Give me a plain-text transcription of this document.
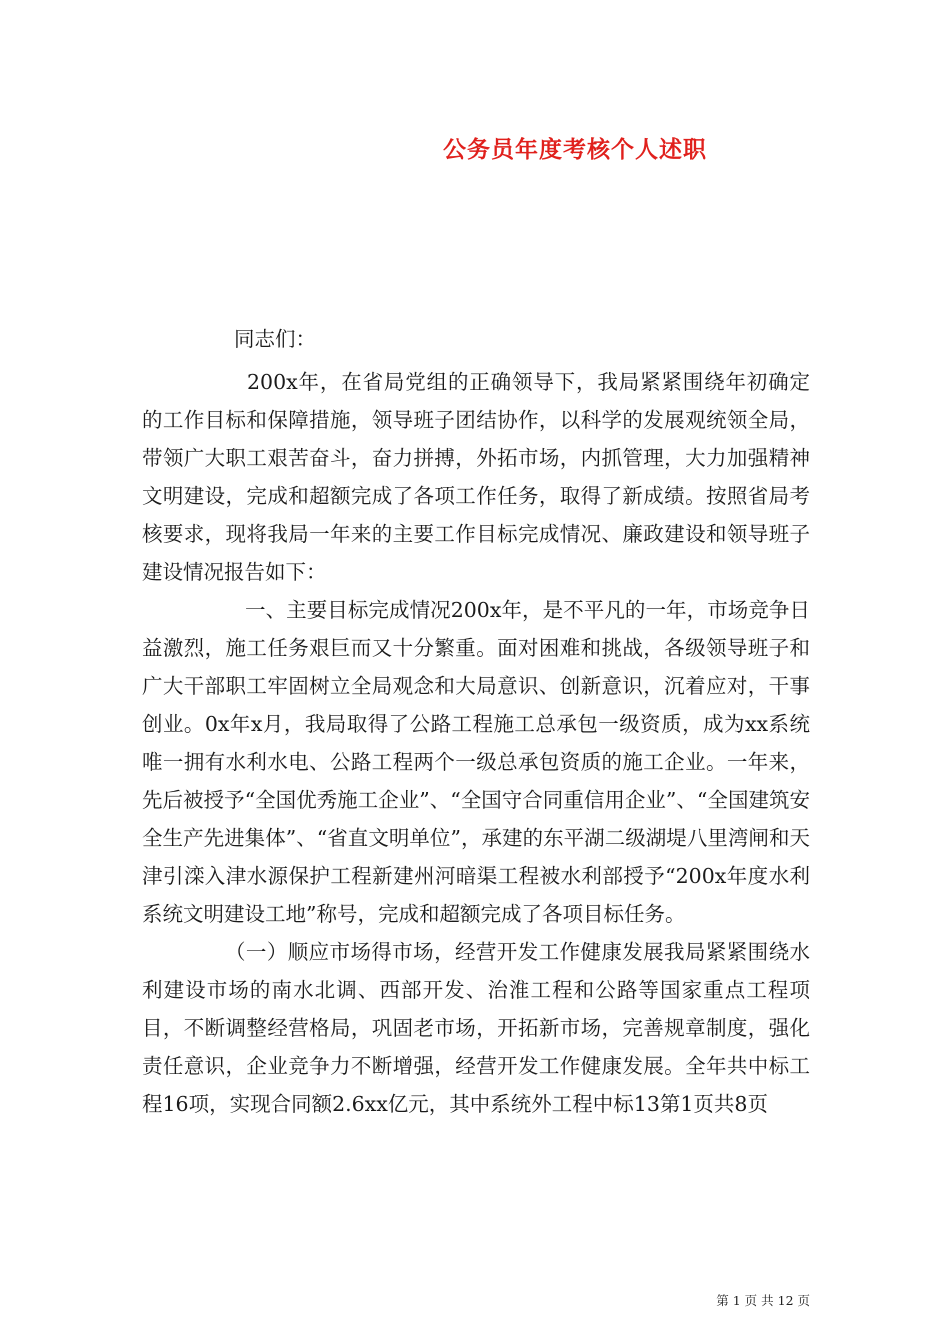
公务员年度考核个人述职

同志们：

200x年，在省局党组的正确领导下，我局紧紧围绕年初确定的工作目标和保障措施，领导班子团结协作，以科学的发展观统领全局，带领广大职工艰苦奋斗，奋力拼搏，外拓市场，内抓管理，大力加强精神文明建设，完成和超额完成了各项工作任务，取得了新成绩。按照省局考核要求，现将我局一年来的主要工作目标完成情况、廉政建设和领导班子建设情况报告如下：

一、主要目标完成情况200x年，是不平凡的一年，市场竞争日益激烈，施工任务艰巨而又十分繁重。面对困难和挑战，各级领导班子和广大干部职工牢固树立全局观念和大局意识、创新意识，沉着应对，干事创业。0x年x月，我局取得了公路工程施工总承包一级资质，成为xx系统唯一拥有水利水电、公路工程两个一级总承包资质的施工企业。一年来，先后被授予“全国优秀施工企业”、“全国守合同重信用企业”、“全国建筑安全生产先进集体”、“省直文明单位”，承建的东平湖二级湖堤八里湾闸和天津引滦入津水源保护工程新建州河暗渠工程被水利部授予“200x年度水利系统文明建设工地”称号，完成和超额完成了各项目标任务。

（一）顺应市场得市场，经营开发工作健康发展我局紧紧围绕水利建设市场的南水北调、西部开发、治淮工程和公路等国家重点工程项目，不断调整经营格局，巩固老市场，开拓新市场，完善规章制度，强化责任意识，企业竞争力不断增强，经营开发工作健康发展。全年共中标工程16项，实现合同额2.6xx亿元，其中系统外工程中标13第1页共8页

第 1 页 共 12 页
